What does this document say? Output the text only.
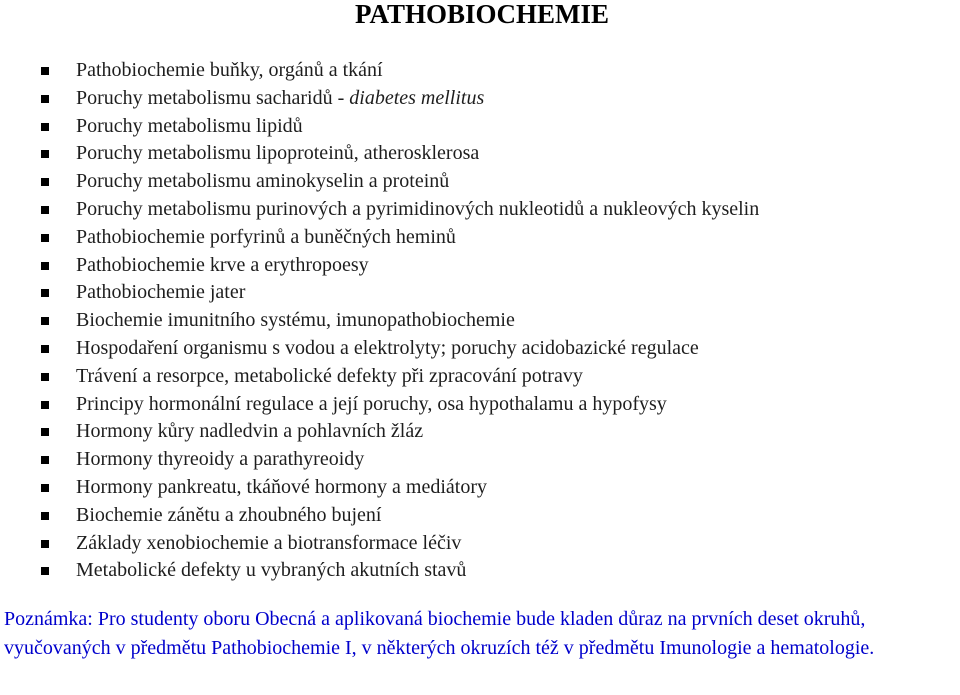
PATHOBIOCHEMIE
Pathobiochemie buňky, orgánů a tkání
Poruchy metabolismu sacharidů - diabetes mellitus
Poruchy metabolismu lipidů
Poruchy metabolismu lipoproteinů, atherosklerosa
Poruchy metabolismu aminokyselin a proteinů
Poruchy metabolismu purinových a pyrimidinových nukleotidů a nukleových kyselin
Pathobiochemie porfyrinů a buněčných heminů
Pathobiochemie krve a erythropoesy
Pathobiochemie jater
Biochemie imunitního systému, imunopathobiochemie
Hospodaření organismu s vodou a elektrolyty; poruchy acidobazické regulace
Trávení a resorpce, metabolické defekty při zpracování potravy
Principy hormonální regulace a její poruchy, osa hypothalamu a hypofysy
Hormony kůry nadledvin a pohlavních žláz
Hormony thyreoidy a parathyreoidy
Hormony pankreatu, tkáňové hormony a mediátory
Biochemie zánětu a zhoubného bujení
Základy xenobiochemie a biotransformace léčiv
Metabolické defekty u vybraných akutních stavů

Poznámka: Pro studenty oboru Obecná a aplikovaná biochemie bude kladen důraz na prvních deset okruhů, vyučovaných v předmětu Pathobiochemie I, v některých okruzích též v předmětu Imunologie a hematologie.
